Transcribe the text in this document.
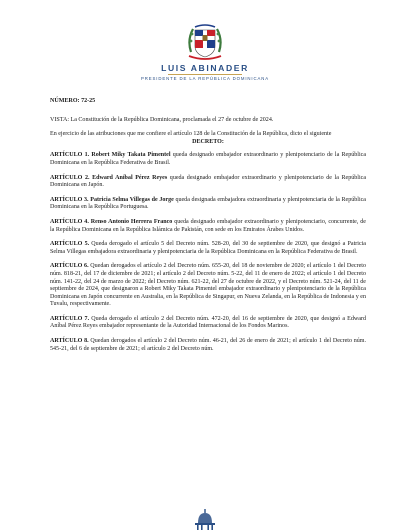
LUIS ABINADER
PRESIDENTE DE LA REPÚBLICA DOMINICANA
NÚMERO: 72-25

VISTA: La Constitución de la República Dominicana, proclamada el 27 de octubre de 2024.

En ejercicio de las atribuciones que me confiere el artículo 128 de la Constitución de la República, dicto el siguiente

DECRETO:

ARTÍCULO 1. Robert Miky Takata Pimentel queda designado embajador extraordinario y plenipotenciario de la República Dominicana en la República Federativa de Brasil.

ARTÍCULO 2. Edward Aníbal Pérez Reyes queda designado embajador extraordinario y plenipotenciario de la República Dominicana en Japón.

ARTÍCULO 3. Patricia Selma Villegas de Jorge queda designada embajadora extraordinaria y plenipotenciaria de la República Dominicana en la República Portuguesa.

ARTÍCULO 4. Renso Antonio Herrera Franco queda designado embajador extraordinario y plenipotenciario, concurrente, de la República Dominicana en la República Islámica de Pakistán, con sede en los Emiratos Árabes Unidos.

ARTÍCULO 5. Queda derogado el artículo 5 del Decreto núm. 528-20, del 30 de septiembre de 2020, que designó a Patricia Selma Villegas embajadora extraordinaria y plenipotenciaria de la República Dominicana en la República Federativa de Brasil.

ARTÍCULO 6. Quedan derogados el artículo 2 del Decreto núm. 655-20, del 18 de noviembre de 2020; el artículo 1 del Decreto núm. 818-21, del 17 de diciembre de 2021; el artículo 2 del Decreto núm. 5-22, del 11 de enero de 2022; el artículo 1 del Decreto núm. 141-22, del 24 de marzo de 2022; del Decreto núm. 621-22, del 27 de octubre de 2022, y el Decreto núm. 521-24, del 11 de septiembre de 2024, que designaron a Robert Miky Takata Pimentel embajador extraordinario y plenipotenciario de la República Dominicana en Japón concurrente en Australia, en la República de Singapur, en Nueva Zelanda, en la República de Indonesia y en Tuvalu, respectivamente.

ARTÍCULO 7. Queda derogado el artículo 2 del Decreto núm. 472-20, del 16 de septiembre de 2020, que designó a Edward Aníbal Pérez Reyes embajador representante de la Autoridad Internacional de los Fondos Marinos.

ARTÍCULO 8. Quedan derogados el artículo 2 del Decreto núm. 46-21, del 26 de enero de 2021; el artículo 1 del Decreto núm. 545-21, del 6 de septiembre de 2021; el artículo 2 del Decreto núm.
